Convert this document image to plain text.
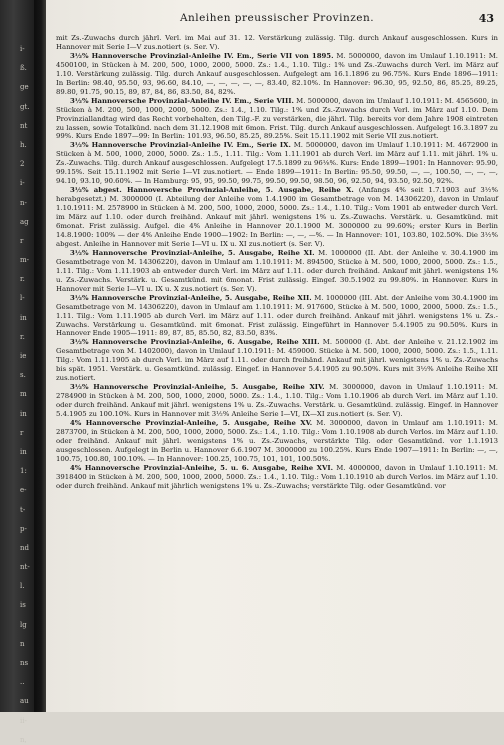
i-
ß.
ge
gt.
nt
h.
2
i-
n-
ag
r
m-
r.
l-
in
r.
ie
s.
m
in
r
in
1:
e-
t-
p-
nd
nt-
l.
is
lg
n
ns
..
au
ii-
n,
Anleihen preussischer Provinzen.	43

mit Zs.-Zuwachs durch jährl. Verl. im Mai auf 31. 12. Verstärkung zulässig. Tilg. durch Ankauf ausgeschlossen. Kurs in Hannover mit Serie I—V zus.notiert (s. Ser. V).

3½% Hannoversche Provinzial-Anleihe IV. Em., Serie VII von 1895. M. 5000000, davon im Umlauf 1.10.1911: M. 4500100, in Stücken à M. 200, 500, 1000, 2000, 5000. Zs.: 1.4., 1.10. Tilg.: 1% und Zs.-Zuwachs durch Verl. im März auf 1.10. Verstärkung zulässig. Tilg. durch Ankauf ausgeschlossen. Aufgelegt am 16.1.1896 zu 96.75%. Kurs Ende 1896—1911: In Berlin: 98.40, 95.50, 93, 96.60, 84.10, —, —, —, —, —, 83.40, 82.10%. In Hannover: 96.30, 95, 92.50, 86, 85.25, 89.25, 89.80, 91.75, 90.15, 89, 87, 84, 86, 83.50, 84, 82%.

3½% Hannoversche Provinzial-Anleihe IV. Em., Serie VIII. M. 5000000, davon im Umlauf 1.10.1911: M. 4565600, in Stücken à M. 200, 500, 1000, 2000, 5000. Zs.: 1.4., 1.10. Tilg.: 1% und Zs.-Zuwachs durch Verl. im März auf 1.10. Dem Provinziallandtag wird das Recht vorbehalten, den Tilg.-F. zu verstärken, die jährl. Tilg. bereits vor dem Jahre 1908 eintreten zu lassen, sowie Totalkünd. nach dem 31.12.1908 mit 6mon. Frist. Tilg. durch Ankauf ausgeschlossen. Aufgelegt 16.3.1897 zu 99%. Kurs Ende 1897—99: In Berlin: 101.93, 96.50, 85.25, 89.25%. Seit 15.11.1902 mit Serie VII zus.notiert.

3½% Hannoversche Provinzial-Anleihe IV. Em., Serie IX. M. 5000000, davon im Umlauf 1.10.1911: M. 4672900 in Stücken à M. 500, 1000, 2000, 5000. Zs.: 1.5., 1.11. Tilg.: Vom 1.11.1901 ab durch Verl. im März auf 1.11. mit jährl. 1% u. Zs.-Zuwachs. Tilg. durch Ankauf ausgeschlossen. Aufgelegt 17.5.1899 zu 96⅛%. Kurs: Ende 1899—1901: In Hannover: 95.90, 99.15%. Seit 15.11.1902 mit Serie I—VI zus.notiert. — Ende 1899—1911: In Berlin: 95.50, 99.50, —, —, 100.50, —, —, —, 94.10, 93.10, 90.60%. — In Hamburg: 95, 95, 99.50, 99.75, 99.50, 99.50, 98.50, 96, 92.50, 94, 93.50, 92.50, 92%.

3½% abgest. Hannoversche Provinzial-Anleihe, 5. Ausgabe, Reihe X. (Anfangs 4% seit 1.7.1903 auf 3½% herabgesetzt.) M. 3000000 (I. Abteilung der Anleihe vom 1.4.1900 im Gesamtbetrage von M. 14306220), davon in Umlauf 1.10.1911: M. 2578900 in Stücken à M. 200, 500, 1000, 2000, 5000. Zs.: 1.4., 1.10. Tilg.: Vom 1901 ab entweder durch Verl. im März auf 1.10. oder durch freihänd. Ankauf mit jährl. wenigstens 1% u. Zs.-Zuwachs. Verstärk. u. Gesamtkünd. mit 6monat. Frist zulässig. Aufgel. die 4% Anleihe in Hannover 20.1.1900 M. 3000000 zu 99.60%; erster Kurs in Berlin 14.8.1900: 100% — der 4% Anleihe Ende 1900—1902: In Berlin: —, —, —%. — In Hannover: 101, 103.80, 102.50%. Die 3½% abgest. Anleihe in Hannover mit Serie I—VI u. IX u. XI zus.notiert (s. Ser. V).

3½% Hannoversche Provinzial-Anleihe, 5. Ausgabe, Reihe XI. M. 1000000 (II. Abt. der Anleihe v. 30.4.1900 im Gesamtbetrage von M. 14306220), davon in Umlauf am 1.10.1911: M. 894500, Stücke à M. 500, 1000, 2000, 5000. Zs.: 1.5., 1.11. Tilg.: Vom 1.11.1903 ab entweder durch Verl. im März auf 1.11. oder durch freihänd. Ankauf mit jährl. wenigstens 1% u. Zs.-Zuwachs. Verstärk. u. Gesamtkünd. mit 6monat. Frist zulässig. Eingef. 30.5.1902 zu 99.80%. in Hannover. Kurs in Hannover mit Serie I—VI u. IX u. X zus.notiert (s. Ser. V).

3½% Hannoversche Provinzial-Anleihe, 5. Ausgabe, Reihe XII. M. 1000000 (III. Abt. der Anleihe vom 30.4.1900 im Gesamtbetrage von M. 14306220), davon in Umlauf am 1.10.1911: M. 917600, Stücke à M. 500, 1000, 2000, 5000. Zs.: 1.5., 1.11. Tilg.: Vom 1.11.1905 ab durch Verl. im März auf 1.11. oder durch freihänd. Ankauf mit jährl. wenigstens 1% u. Zs.-Zuwachs. Verstärkung u. Gesamtkünd. mit 6monat. Frist zulässig. Eingeführt in Hannover 5.4.1905 zu 90.50%. Kurs in Hannover Ende 1905—1911: 89, 87, 85, 85.50, 82, 83.50, 83%.

3½% Hannoversche Provinzial-Anleihe, 6. Ausgabe, Reihe XIII. M. 500000 (I. Abt. der Anleihe v. 21.12.1902 im Gesamtbetrage von M. 1402000), davon in Umlauf 1.10.1911: M. 459000. Stücke à M. 500, 1000, 2000, 5000. Zs.: 1.5., 1.11. Tilg.: Vom 1.11.1905 ab durch Verl. im März auf 1.11. oder durch freihänd. Ankauf mit jährl. wenigstens 1% u. Zs.-Zuwachs bis spät. 1951. Verstärk. u. Gesamtkünd. zulässig. Eingef. in Hannover 5.4.1905 zu 90.50%. Kurs mit 3½% Anleihe Reihe XII zus.notiert.

3½% Hannoversche Provinzial-Anleihe, 5. Ausgabe, Reihe XIV. M. 3000000, davon in Umlauf 1.10.1911: M. 2784900 in Stücken à M. 200, 500, 1000, 2000, 5000. Zs.: 1.4., 1.10. Tilg.: Vom 1.10.1906 ab durch Verl. im März auf 1.10. oder durch freihänd. Ankauf mit jährl. wenigstens 1% u. Zs.-Zuwachs. Verstärk. u. Gesamtkünd. zulässig. Eingef. in Hannover 5.4.1905 zu 100.10%. Kurs in Hannover mit 3½% Anleihe Serie I—VI, IX—XI zus.notiert (s. Ser. V).

4% Hannoversche Provinzial-Anleihe, 5. Ausgabe, Reihe XV. M. 3000000, davon in Umlauf am 1.10.1911: M. 2873700, in Stücken à M. 200, 500, 1000, 2000, 5000. Zs.: 1.4., 1.10. Tilg.: Vom 1.10.1908 ab durch Verlos. im März auf 1.10. oder freihänd. Ankauf mit jährl. wenigstens 1% u. Zs.-Zuwachs, verstärkte Tilg. oder Gesamtkünd. vor 1.1.1913 ausgeschlossen. Aufgelegt in Berlin u. Hannover 6.6.1907 M. 3000000 zu 100.25%. Kurs Ende 1907—1911: In Berlin: —, —, 100.75, 100.80, 100.10%. — In Hannover: 100.25, 100.75, 101, 101, 100.50%.

4% Hannoversche Provinzial-Anleihe, 5. u. 6. Ausgabe, Reihe XVI. M. 4000000, davon in Umlauf 1.10.1911: M. 3918400 in Stücken à M. 200, 500, 1000, 2000, 5000. Zs.: 1.4., 1.10. Tilg.: Vom 1.10.1910 ab durch Verlos. im März auf 1.10. oder durch freihänd. Ankauf mit jährlich wenigstens 1% u. Zs.-Zuwachs; verstärkte Tilg. oder Gesamtkünd. vor
